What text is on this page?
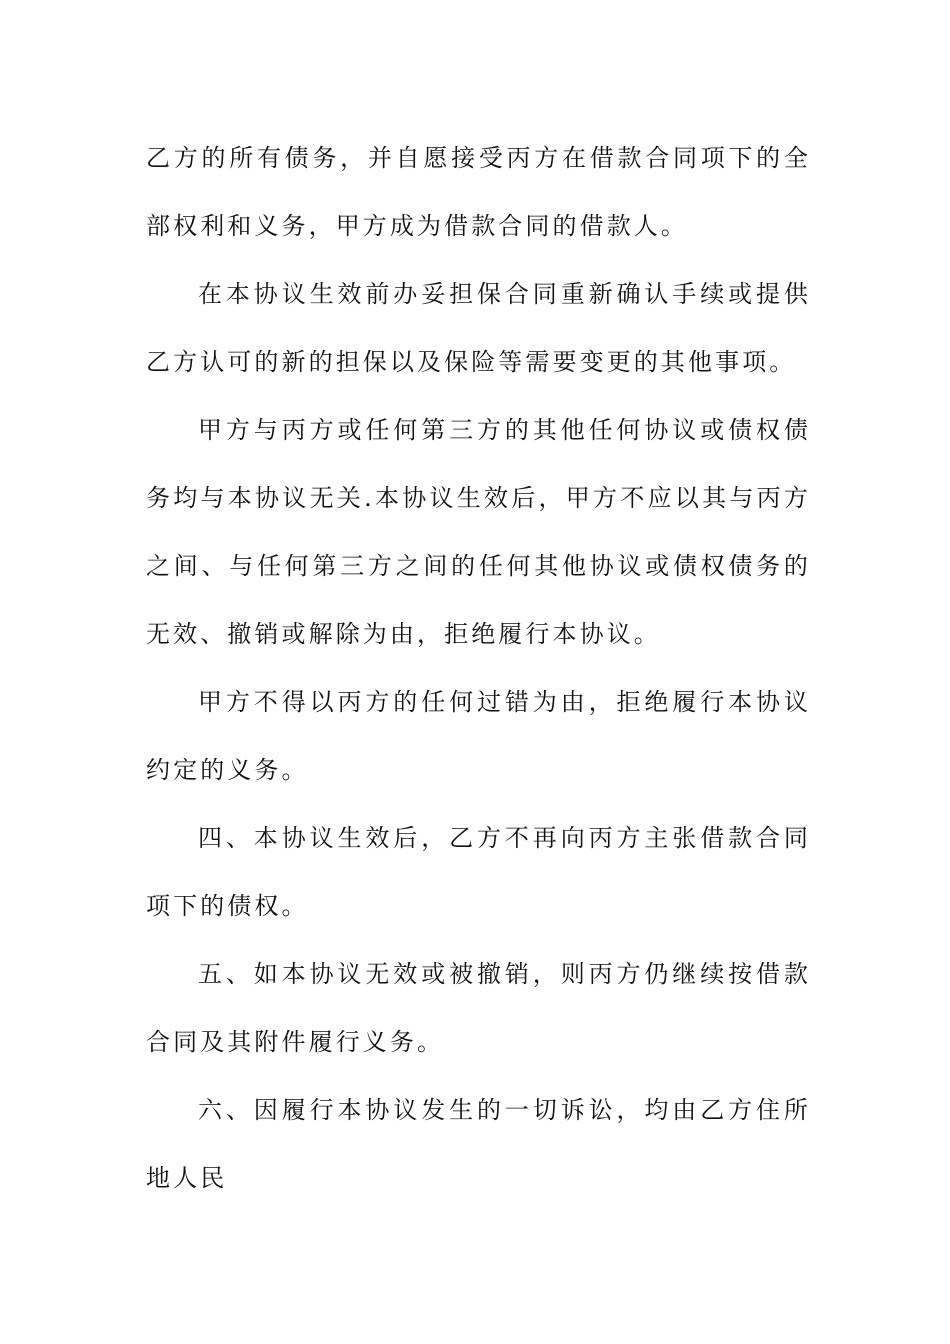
乙方的所有债务，并自愿接受丙方在借款合同项下的全部权利和义务，甲方成为借款合同的借款人。

在本协议生效前办妥担保合同重新确认手续或提供乙方认可的新的担保以及保险等需要变更的其他事项。

甲方与丙方或任何第三方的其他任何协议或债权债务均与本协议无关.本协议生效后，甲方不应以其与丙方之间、与任何第三方之间的任何其他协议或债权债务的无效、撤销或解除为由，拒绝履行本协议。

甲方不得以丙方的任何过错为由，拒绝履行本协议约定的义务。

四、本协议生效后，乙方不再向丙方主张借款合同项下的债权。

五、如本协议无效或被撤销，则丙方仍继续按借款合同及其附件履行义务。

六、因履行本协议发生的一切诉讼，均由乙方住所地人民
